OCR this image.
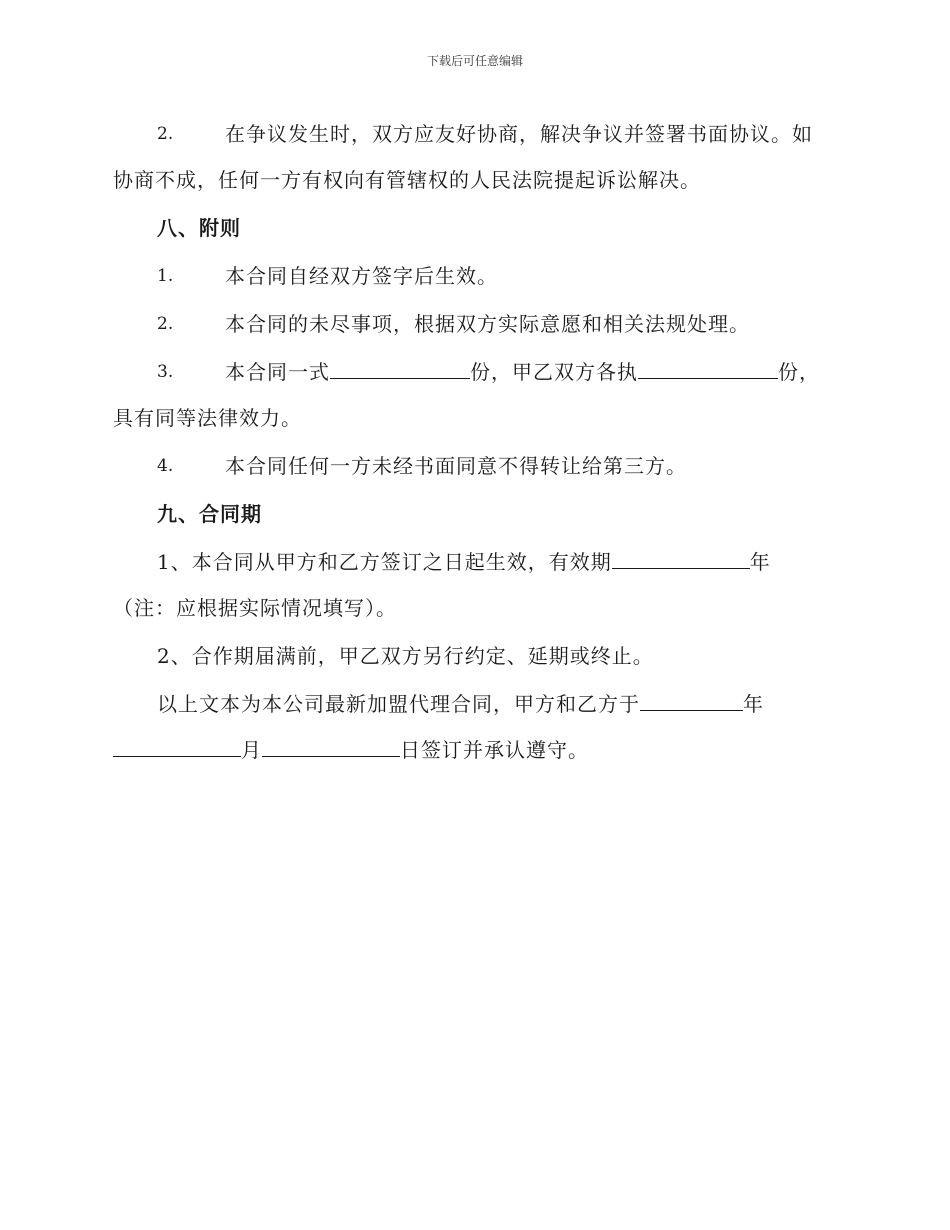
下载后可任意编辑
2.	在争议发生时，双方应友好协商，解决争议并签署书面协议。如
协商不成，任何一方有权向有管辖权的人民法院提起诉讼解决。
八、附则
1.	本合同自经双方签字后生效。
2.	本合同的未尽事项，根据双方实际意愿和相关法规处理。
3.	本合同一式	份，甲乙双方各执	份，
具有同等法律效力。
4.	本合同任何一方未经书面同意不得转让给第三方。
九、合同期
1、本合同从甲方和乙方签订之日起生效，有效期	年
（注：应根据实际情况填写）。
2、合作期届满前，甲乙双方另行约定、延期或终止。
以上文本为本公司最新加盟代理合同，甲方和乙方于	年
月	日签订并承认遵守。
